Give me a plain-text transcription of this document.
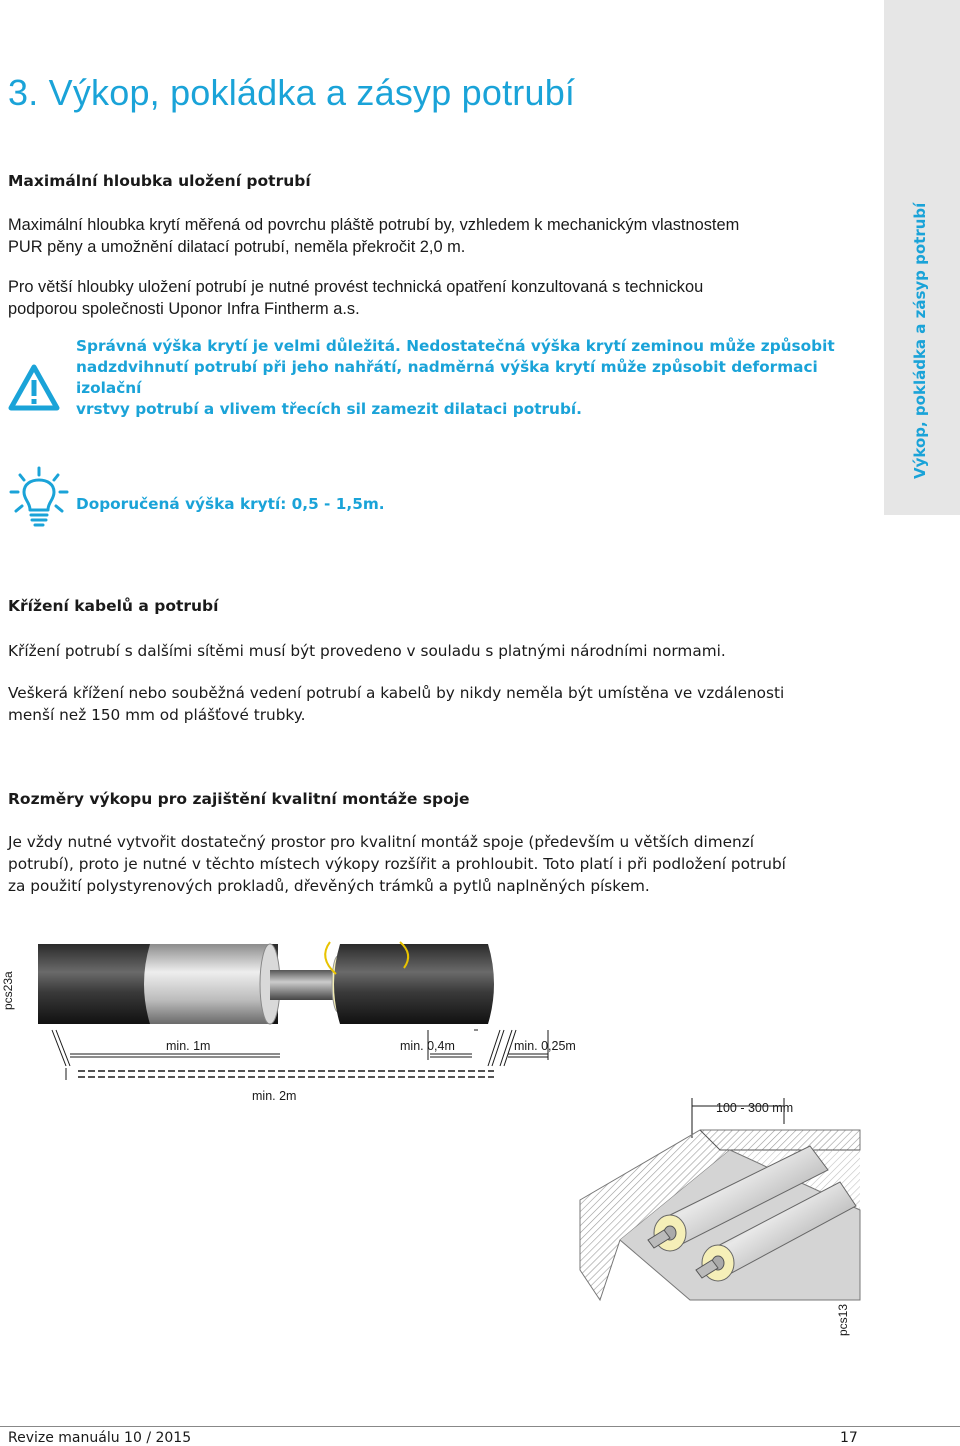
3. Výkop, pokládka a zásyp potrubí
Výkop, pokládka a zásyp potrubí
Maximální hloubka uložení potrubí

Maximální hloubka krytí měřená od povrchu pláště potrubí by, vzhledem k mechanickým vlastnostem

PUR pěny a umožnění dilatací potrubí, neměla překročit 2,0 m.

Pro větší hloubky uložení potrubí je nutné provést technická opatření konzultovaná s technickou

podporou společnosti Uponor Infra Fintherm a.s.

Správná výška krytí je velmi důležitá. Nedostatečná výška krytí zeminou může způsobit
nadzdvihnutí potrubí při jeho nahřátí, nadměrná výška krytí může způsobit deformaci izolační
vrstvy potrubí a vlivem třecích sil zamezit dilataci potrubí.
Doporučená výška krytí: 0,5 - 1,5m.
Křížení kabelů a potrubí

Křížení potrubí s dalšími sítěmi musí být provedeno v souladu s platnými národními normami.

Veškerá křížení nebo souběžná vedení potrubí a kabelů by nikdy neměla být umístěna ve vzdálenosti

menší než 150 mm od plášťové trubky.

Rozměry výkopu pro zajištění kvalitní montáže spoje

Je vždy nutné vytvořit dostatečný prostor pro kvalitní montáž spoje (především u větších dimenzí

potrubí), proto je nutné v těchto místech výkopy rozšířit a prohloubit. Toto platí i při podložení potrubí

za použití polystyrenových prokladů, dřevěných trámků a pytlů naplněných pískem.

pcs23a
min. 1m	min. 0,4m	min. 0,25m
min. 2m
100 - 300 mm
pcs13
Revize manuálu 10 / 2015	17
